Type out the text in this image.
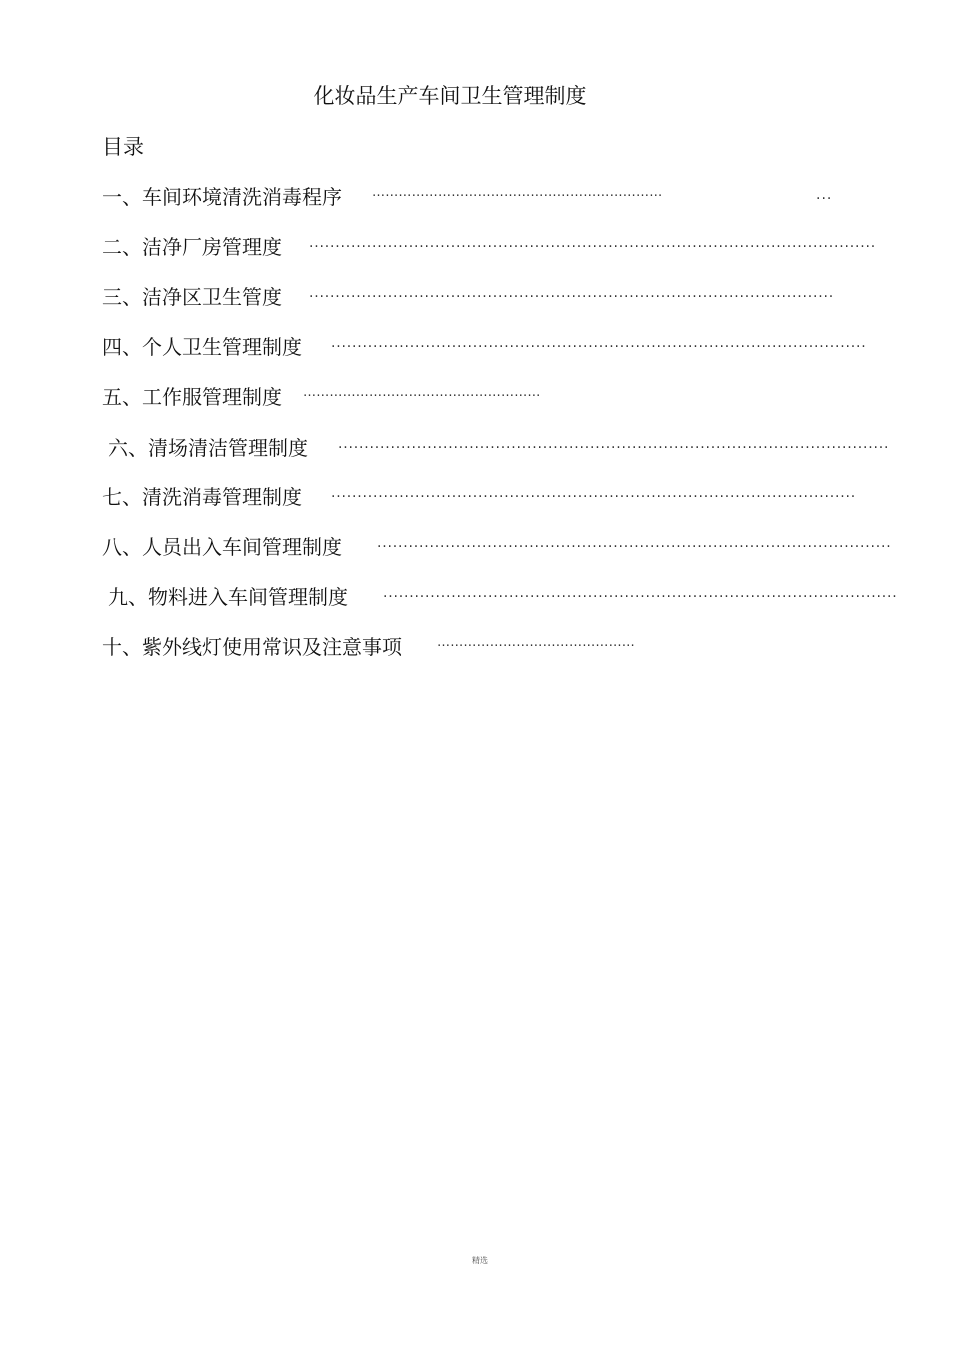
化妆品生产车间卫生管理制度
目录
一、车间环境清洗消毒程序 …………………………………………………………	...
二、洁净厂房管理度 ............................................................................................................
三、洁净区卫生管度 ....................................................................................................
四、个人卫生管理制度 ......................................................................................................
五、工作服管理制度 ………………………………………………
六、清场清洁管理制度 .........................................................................................................
七、清洗消毒管理制度 ....................................................................................................
八、人员出入车间管理制度	..................................................................................................
九、物料进入车间管理制度	..................................................................................................
十、紫外线灯使用常识及注意事项	………………………………………
精选
